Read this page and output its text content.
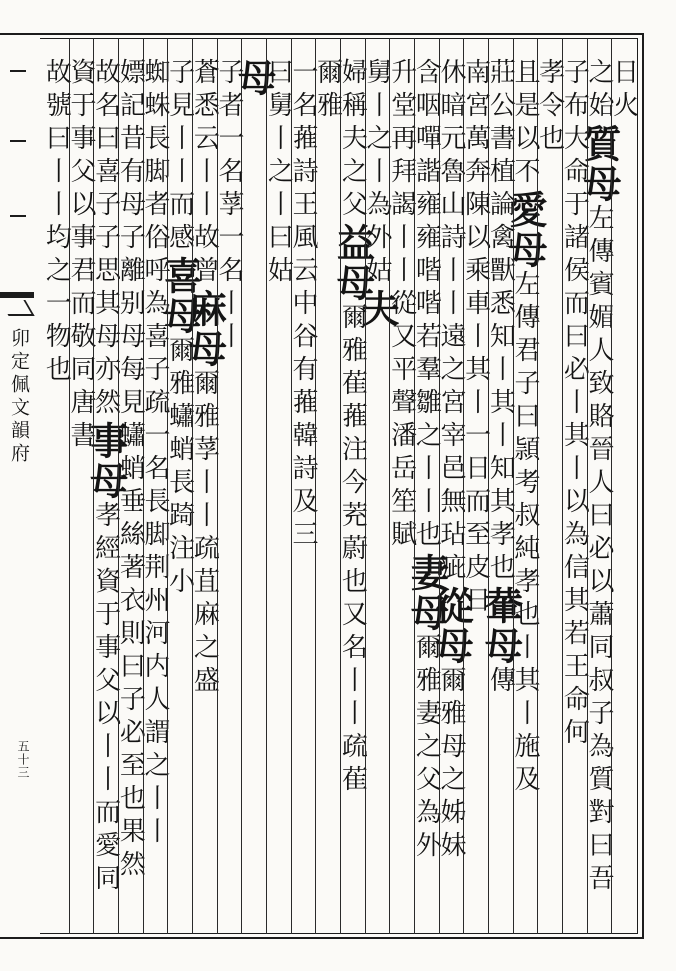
卯定佩文韻府
五十三
日火
之始質母左傳賓媚人致賂晉人曰必以蕭同叔子為質對曰吾
子布大命于諸侯而曰必丨其丨以為信其若王命何
孝令也
且是以不愛母左傳君子曰頴考叔純孝也丨其丨施及
莊公書植論禽獸悉知丨其丨知其孝也輂母傳
南宮萬奔陳以乘車丨其丨一日而至皮日
休暗元魯山詩丨丨遠之宮宰邑無玷疵從母爾雅母之姊妹
含咽嘽諧雍雍喈喈若羣雛之丨丨也妻母爾雅妻之父為外
升堂再拜謁丨丨從又平聲潘岳笙賦
舅丨之丨為外姑夫
婦稱夫之父益母爾雅萑蓷注今茺蔚也又名丨丨疏萑
爾雅
一名蓷詩王風云中谷有蓷韓詩及三
曰舅丨之丨曰姑
母
子者一名莩一名丨丨
蒼悉云丨丨故曾麻母爾雅莩丨丨疏苴麻之盛
子見丨丨而感喜母爾雅蠨蛸長踦注小
蜘蛛長脚者俗呼為喜子疏一名長脚荆州河内人謂之丨丨
嫖記昔有母子離别母每見蠨蛸垂絲著衣則曰子必至也果然
故名曰喜子子思其母亦然事母孝經資于事父以丨丨而愛同
資于事父以事君而敬同唐書
故號曰丨丨均之一物也
